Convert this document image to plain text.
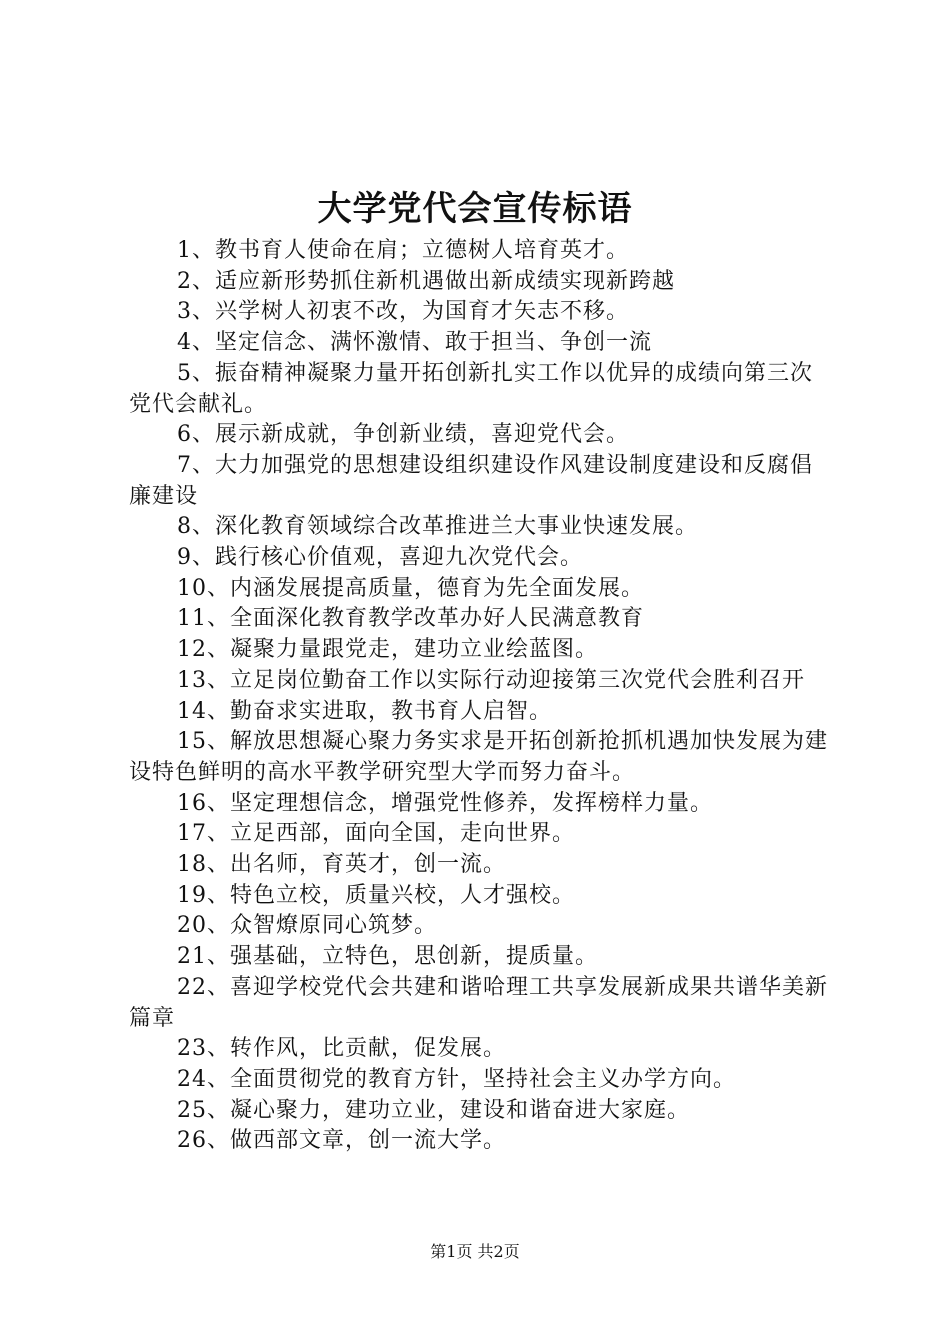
大学党代会宣传标语
1、教书育人使命在肩；立德树人培育英才。
2、适应新形势抓住新机遇做出新成绩实现新跨越
3、兴学树人初衷不改，为国育才矢志不移。
4、坚定信念、满怀激情、敢于担当、争创一流
5、振奋精神凝聚力量开拓创新扎实工作以优异的成绩向第三次党代会献礼。
6、展示新成就，争创新业绩，喜迎党代会。
7、大力加强党的思想建设组织建设作风建设制度建设和反腐倡廉建设
8、深化教育领域综合改革推进兰大事业快速发展。
9、践行核心价值观，喜迎九次党代会。
10、内涵发展提高质量，德育为先全面发展。
11、全面深化教育教学改革办好人民满意教育
12、凝聚力量跟党走，建功立业绘蓝图。
13、立足岗位勤奋工作以实际行动迎接第三次党代会胜利召开
14、勤奋求实进取，教书育人启智。
15、解放思想凝心聚力务实求是开拓创新抢抓机遇加快发展为建设特色鲜明的高水平教学研究型大学而努力奋斗。
16、坚定理想信念，增强党性修养，发挥榜样力量。
17、立足西部，面向全国，走向世界。
18、出名师，育英才，创一流。
19、特色立校，质量兴校，人才强校。
20、众智燎原同心筑梦。
21、强基础，立特色，思创新，提质量。
22、喜迎学校党代会共建和谐哈理工共享发展新成果共谱华美新篇章
23、转作风，比贡献，促发展。
24、全面贯彻党的教育方针，坚持社会主义办学方向。
25、凝心聚力，建功立业，建设和谐奋进大家庭。
26、做西部文章，创一流大学。
第1页 共2页
